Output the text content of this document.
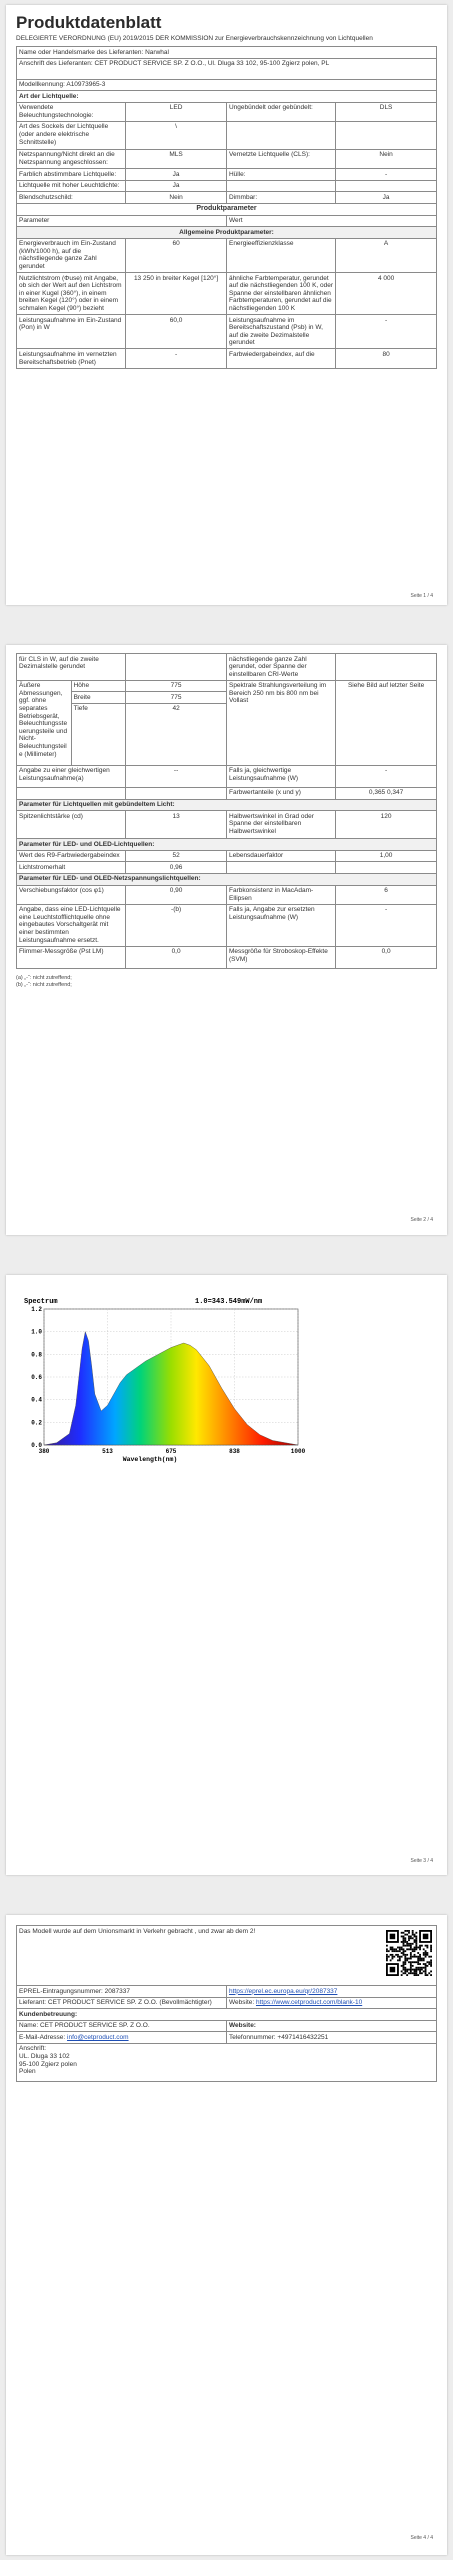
Produktdatenblatt
DELEGIERTE VERORDNUNG (EU) 2019/2015 DER KOMMISSION zur Energieverbrauchskennzeichnung von Lichtquellen
Name oder Handelsmarke des Lieferanten: Narwhal			
Anschrift des Lieferanten: CET PRODUCT SERVICE SP. Z O.O., Ul. Dluga 33 102, 95-100 Zgierz polen, PL			
Modellkennung: A10973965-3			
Art der Lichtquelle:			
Verwendete Beleuchtungstechnologie:	LED	Ungebündelt oder gebündelt:	DLS
Art des Sockels der Lichtquelle (oder andere elektrische Schnittstelle)	\		
Netzspannung/Nicht direkt an die Netzspannung angeschlossen:	MLS	Vernetzte Lichtquelle (CLS):	Nein
Farblich abstimmbare Lichtquelle:	Ja	Hülle:	-
Lichtquelle mit hoher Leuchtdichte:	Ja		
Blendschutzschild:	Nein	Dimmbar:	Ja
Produktparameter			
Parameter		Wert	
Allgemeine Produktparameter:			
Energieverbrauch im Ein-Zustand (kWh/1000 h), auf die nächstliegende ganze Zahl gerundet	60	Energieeffizienzklasse	A
Nutzlichtstrom (Φuse) mit Angabe, ob sich der Wert auf den Lichtstrom in einer Kugel (360°), in einem breiten Kegel (120°) oder in einem schmalen Kegel (90°) bezieht	13 250 in breiter Kegel [120°]	ähnliche Farbtemperatur, gerundet auf die nächstliegenden 100 K, oder Spanne der einstellbaren ähnlichen Farbtemperaturen, gerundet auf die nächstliegenden 100 K	4 000
Leistungsaufnahme im Ein-Zustand (Pon) in W	60,0	Leistungsaufnahme im Bereitschaftszustand (Psb) in W, auf die zweite Dezimalstelle gerundet	-
Leistungsaufnahme im vernetzten Bereitschaftsbetrieb (Pnet)	-	Farbwiedergabeindex, auf die	80
Seite 1 / 4
für CLS in W, auf die zweite Dezimalstelle gerundet			nächstliegende ganze Zahl gerundet, oder Spanne der einstellbaren CRI-Werte	
Äußere Abmessungen, ggf. ohne separates Betriebsgerät, Beleuchtungssteuerungsteile und Nicht-Beleuchtungsteile (Millimeter)	Höhe	775	Spektrale Strahlungsverteilung im Bereich 250 nm bis 800 nm bei Vollast	Siehe Bild auf letzter Seite
	Breite	775		
	Tiefe	42		
Angabe zu einer gleichwertigen Leistungsaufnahme(a)		--	Falls ja, gleichwertige Leistungsaufnahme (W)	-
			Farbwertanteile (x und y)	0,365 0,347
Parameter für Lichtquellen mit gebündeltem Licht:				
Spitzenlichtstärke (cd)		13	Halbwertswinkel in Grad oder Spanne der einstellbaren Halbwertswinkel	120
Parameter für LED- und OLED-Lichtquellen:				
Wert des R9-Farbwiedergabeindex		52	Lebensdauerfaktor	1,00
Lichtstromerhalt		0,96		
Parameter für LED- und OLED-Netzspannungslichtquellen:				
Verschiebungsfaktor (cos φ1)		0,90	Farbkonsistenz in MacAdam-Ellipsen	6
Angabe, dass eine LED-Lichtquelle eine Leuchtstofflichtquelle ohne eingebautes Vorschaltgerät mit einer bestimmten Leistungsaufnahme ersetzt.		-(b)	Falls ja, Angabe zur ersetzten Leistungsaufnahme (W)	-
Flimmer-Messgröße (Pst LM)		0,0	Messgröße für Stroboskop-Effekte (SVM)	0,0
(a) „-“: nicht zutreffend;
(b) „-“: nicht zutreffend;
Seite 2 / 4
0.0
0.2
0.4
0.6
0.8
1.0
1.2
380	513	675	838	1000
Spectrum	1.0=343.549mW/nm
Wavelength(nm)
Seite 3 / 4
Das Modell wurde auf dem Unionsmarkt in Verkehr gebracht , und zwar ab dem 2!	

EPREL-Eintragungsnummer: 2087337	https://eprel.ec.europa.eu/qr/2087337
Lieferant: CET PRODUCT SERVICE SP. Z O.O. (Bevollmächtigter)	Website: https://www.cetproduct.com/blank-10
Kundenbetreuung:	
Name: CET PRODUCT SERVICE SP. Z O.O.	Website:
E-Mail-Adresse: info@cetproduct.com	Telefonnummer: +4971416432251

Anschrift:
UL. Dluga 33 102
95-100 Zgierz polen
Polen	
Seite 4 / 4
